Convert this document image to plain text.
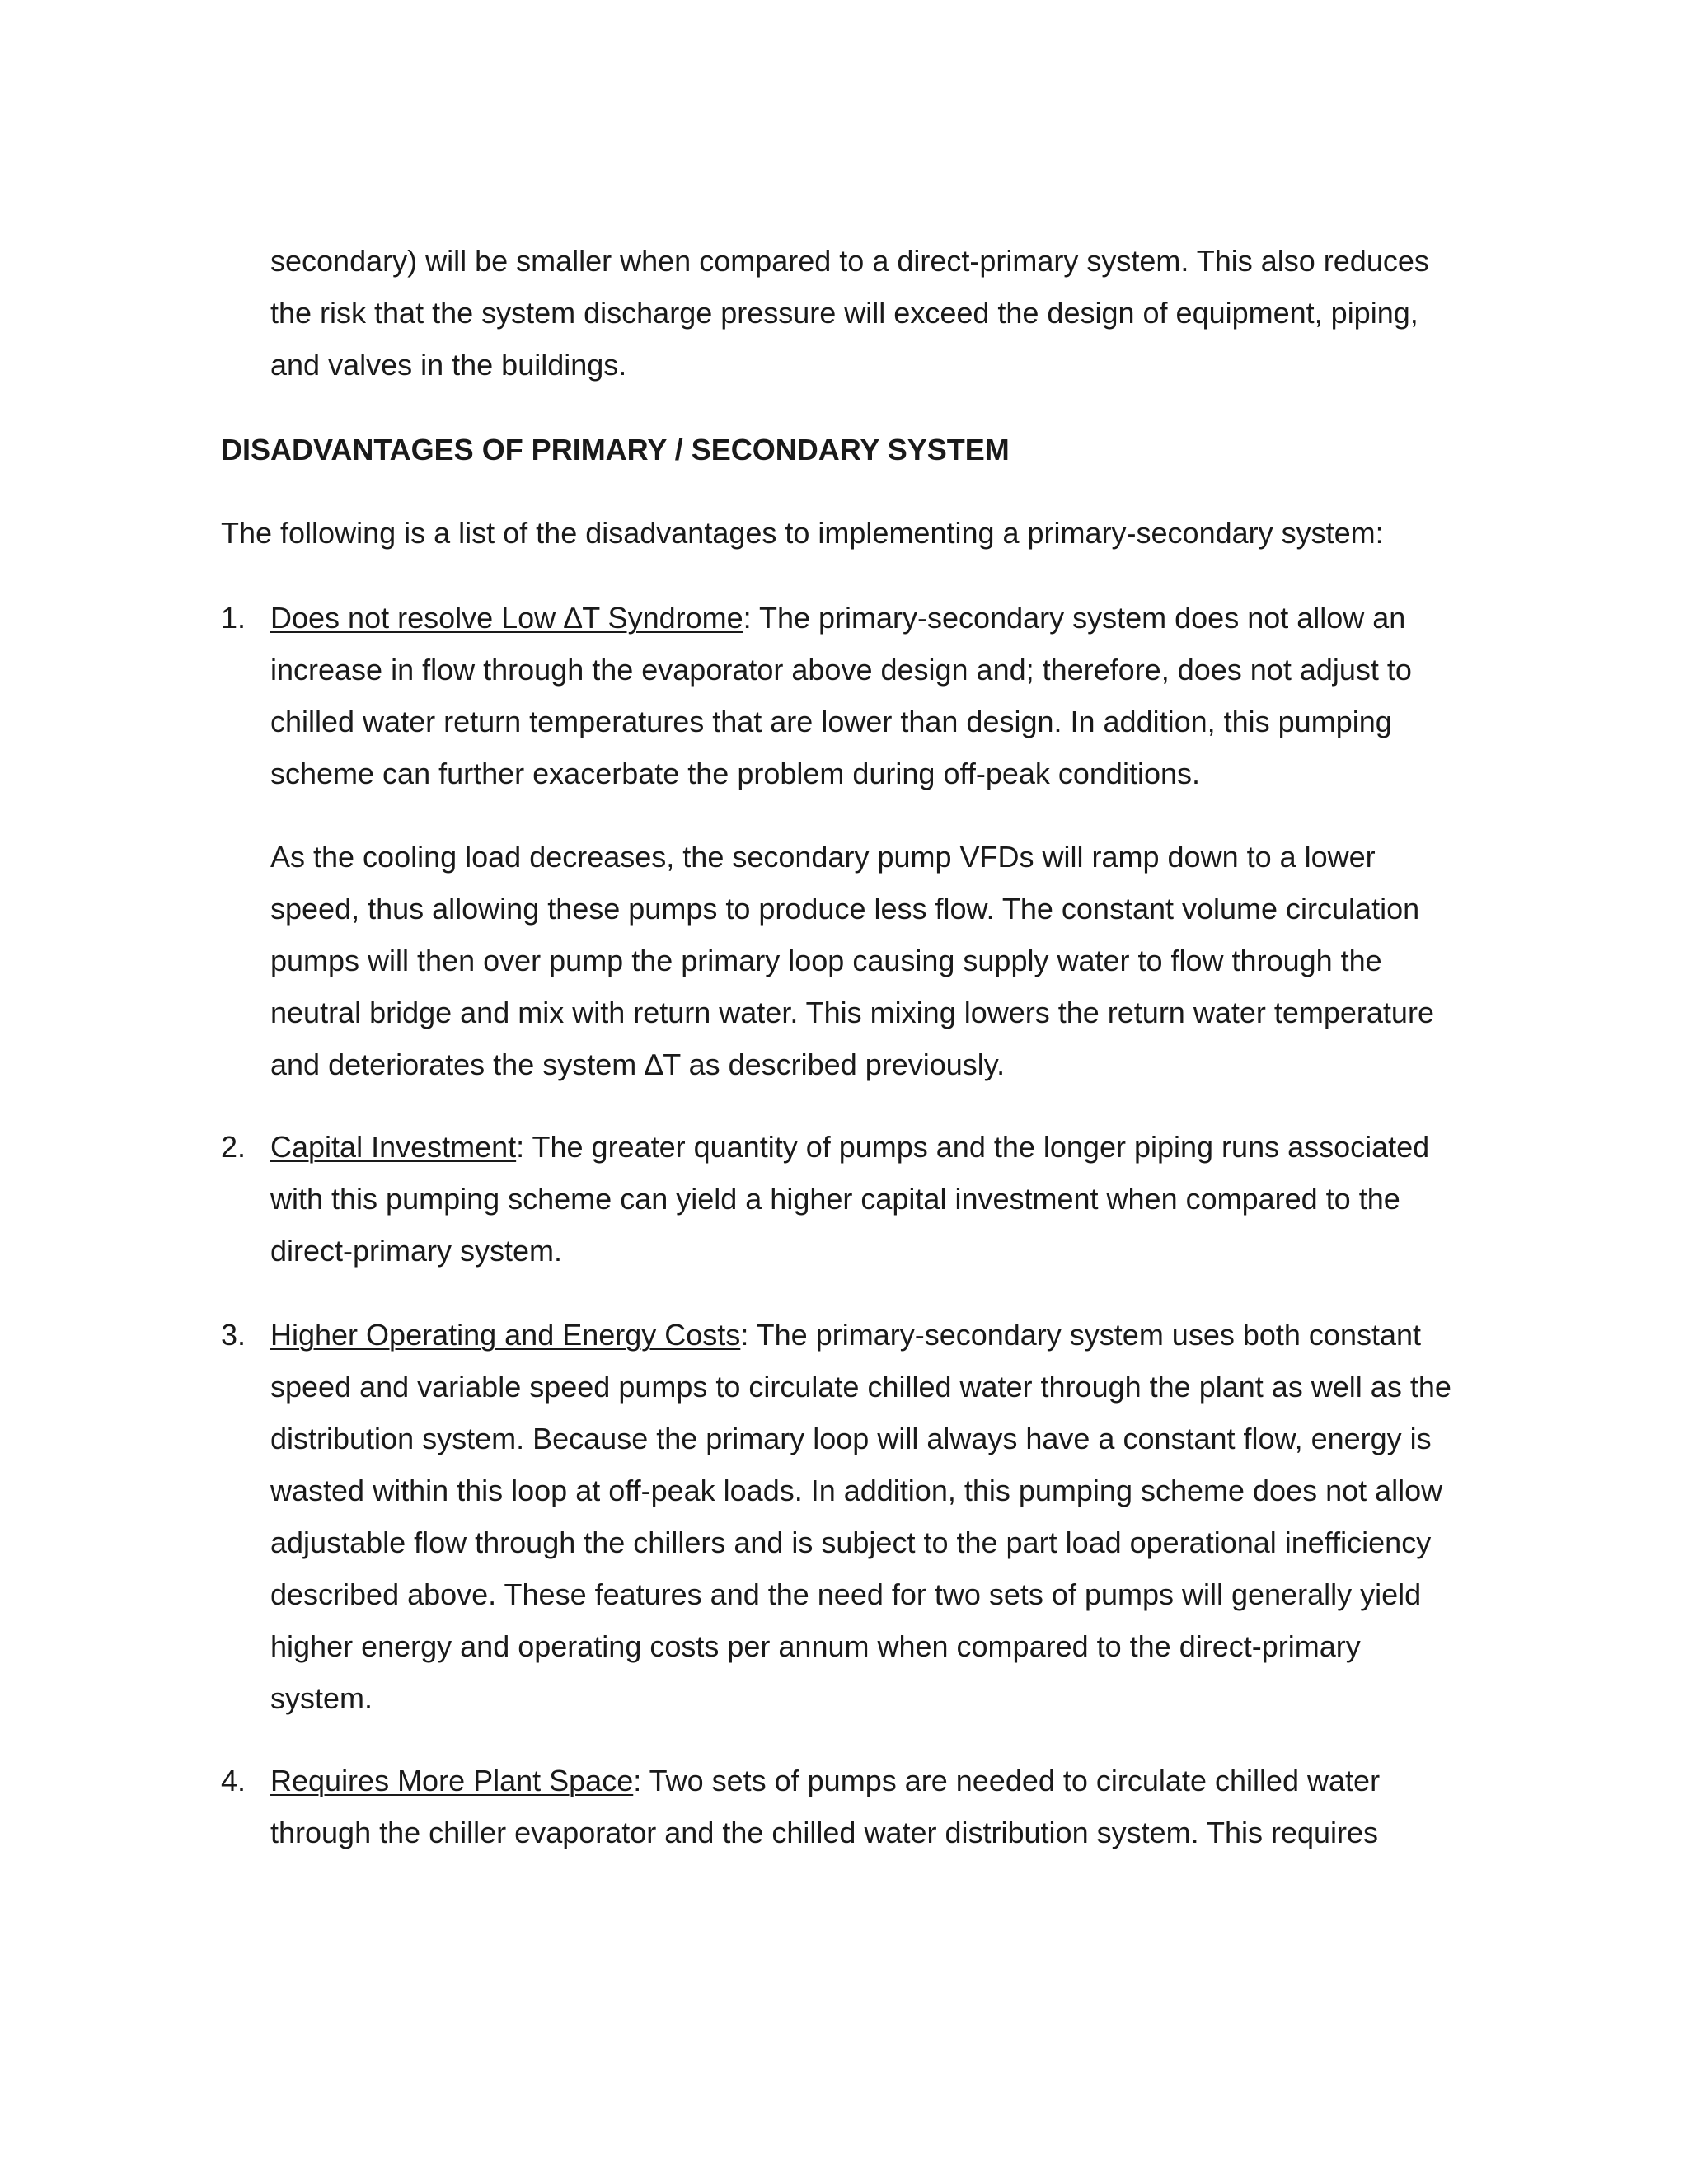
secondary) will be smaller when compared to a direct-primary system. This also reduces the risk that the system discharge pressure will exceed the design of equipment, piping, and valves in the buildings.
DISADVANTAGES OF PRIMARY / SECONDARY SYSTEM
The following is a list of the disadvantages to implementing a primary-secondary system:
1. Does not resolve Low ∆T Syndrome: The primary-secondary system does not allow an increase in flow through the evaporator above design and; therefore, does not adjust to chilled water return temperatures that are lower than design. In addition, this pumping scheme can further exacerbate the problem during off-peak conditions.
As the cooling load decreases, the secondary pump VFDs will ramp down to a lower speed, thus allowing these pumps to produce less flow. The constant volume circulation pumps will then over pump the primary loop causing supply water to flow through the neutral bridge and mix with return water. This mixing lowers the return water temperature and deteriorates the system ∆T as described previously.
2. Capital Investment: The greater quantity of pumps and the longer piping runs associated with this pumping scheme can yield a higher capital investment when compared to the direct-primary system.
3. Higher Operating and Energy Costs: The primary-secondary system uses both constant speed and variable speed pumps to circulate chilled water through the plant as well as the distribution system. Because the primary loop will always have a constant flow, energy is wasted within this loop at off-peak loads. In addition, this pumping scheme does not allow adjustable flow through the chillers and is subject to the part load operational inefficiency described above. These features and the need for two sets of pumps will generally yield higher energy and operating costs per annum when compared to the direct-primary system.
4. Requires More Plant Space: Two sets of pumps are needed to circulate chilled water through the chiller evaporator and the chilled water distribution system. This requires
